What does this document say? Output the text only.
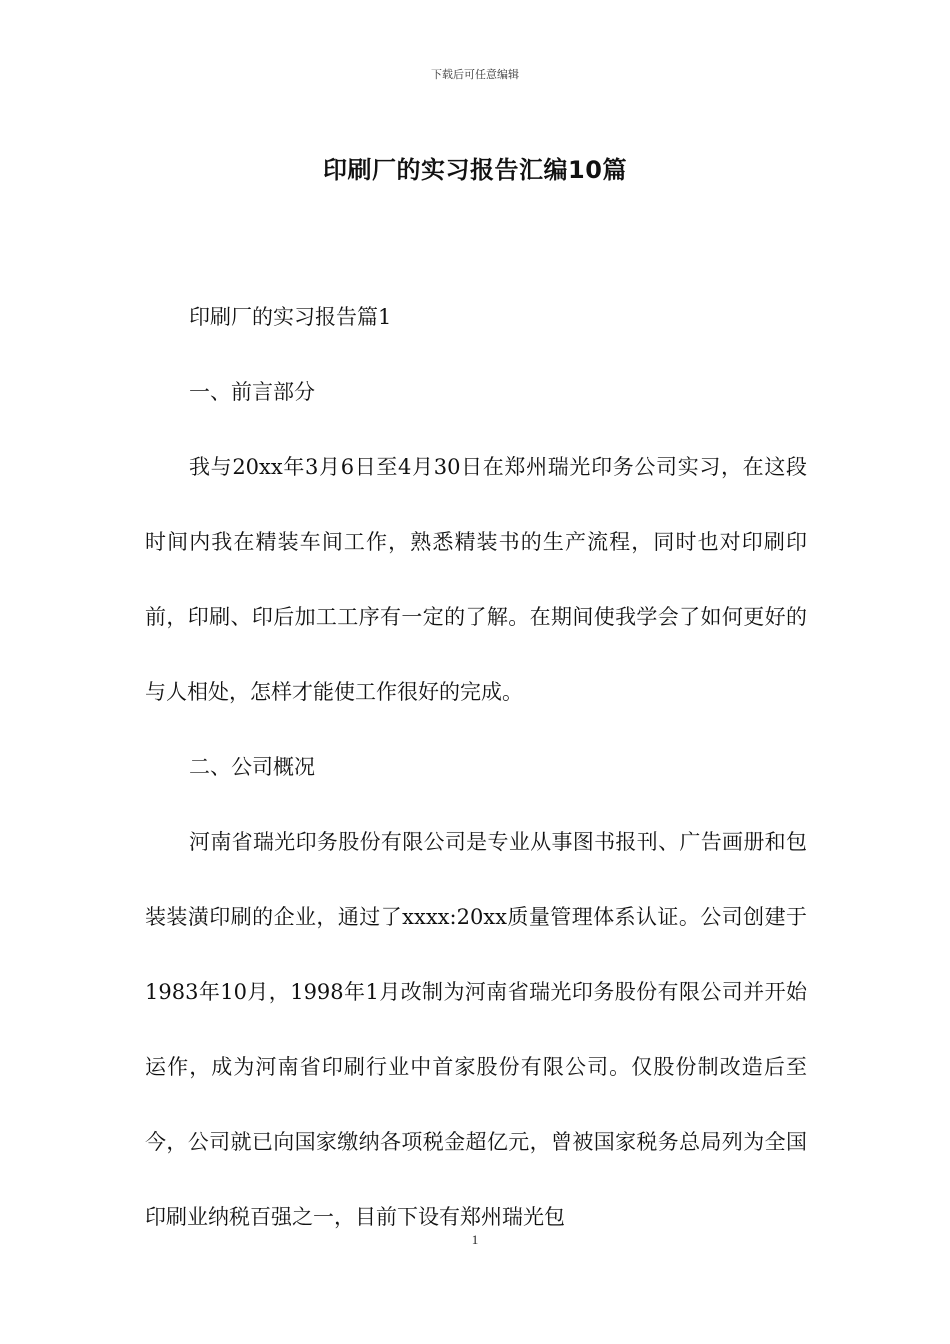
下载后可任意编辑
印刷厂的实习报告汇编10篇

印刷厂的实习报告篇1

一、前言部分

我与20xx年3月6日至4月30日在郑州瑞光印务公司实习，在这段时间内我在精装车间工作，熟悉精装书的生产流程，同时也对印刷印前，印刷、印后加工工序有一定的了解。在期间使我学会了如何更好的与人相处，怎样才能使工作很好的完成。

二、公司概况

河南省瑞光印务股份有限公司是专业从事图书报刊、广告画册和包装装潢印刷的企业，通过了xxxx:20xx质量管理体系认证。公司创建于1983年10月，1998年1月改制为河南省瑞光印务股份有限公司并开始运作，成为河南省印刷行业中首家股份有限公司。仅股份制改造后至今，公司就已向国家缴纳各项税金超亿元，曾被国家税务总局列为全国印刷业纳税百强之一，目前下设有郑州瑞光包

1
